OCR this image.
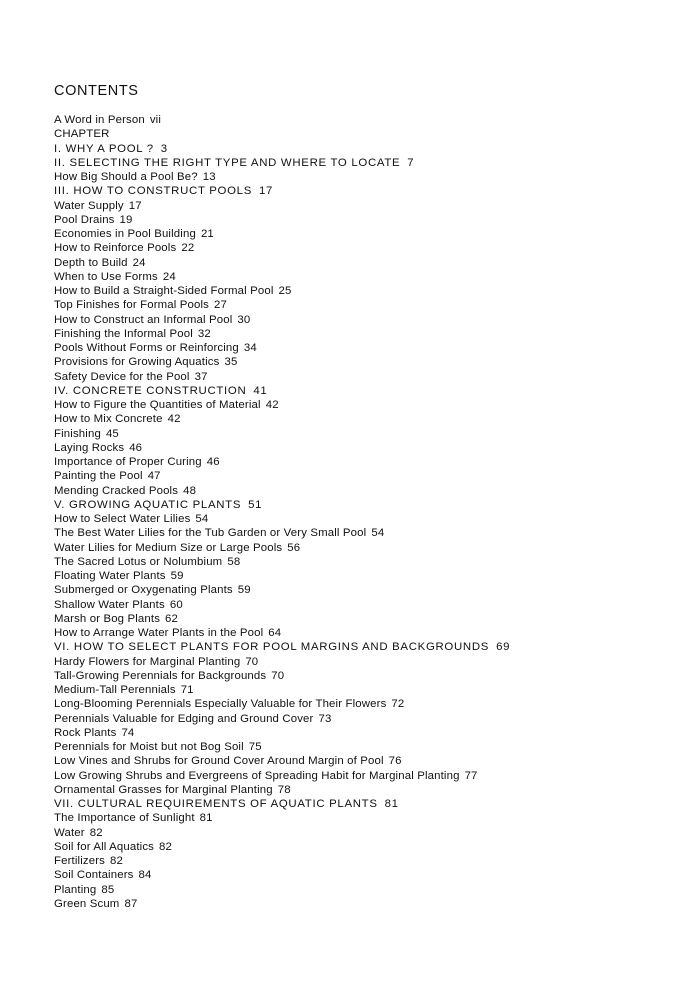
CONTENTS
A Word in Person vii
CHAPTER
I. WHY A POOL ? 3
II. SELECTING THE RIGHT TYPE AND WHERE TO LOCATE 7
How Big Should a Pool Be? 13
III. HOW TO CONSTRUCT POOLS 17
Water Supply 17
Pool Drains 19
Economies in Pool Building 21
How to Reinforce Pools 22
Depth to Build 24
When to Use Forms 24
How to Build a Straight-Sided Formal Pool 25
Top Finishes for Formal Pools 27
How to Construct an Informal Pool 30
Finishing the Informal Pool 32
Pools Without Forms or Reinforcing 34
Provisions for Growing Aquatics 35
Safety Device for the Pool 37
IV. CONCRETE CONSTRUCTION 41
How to Figure the Quantities of Material 42
How to Mix Concrete 42
Finishing 45
Laying Rocks 46
Importance of Proper Curing 46
Painting the Pool 47
Mending Cracked Pools 48
V. GROWING AQUATIC PLANTS 51
How to Select Water Lilies 54
The Best Water Lilies for the Tub Garden or Very Small Pool 54
Water Lilies for Medium Size or Large Pools 56
The Sacred Lotus or Nolumbium 58
Floating Water Plants 59
Submerged or Oxygenating Plants 59
Shallow Water Plants 60
Marsh or Bog Plants 62
How to Arrange Water Plants in the Pool 64
VI. HOW TO SELECT PLANTS FOR POOL MARGINS AND BACKGROUNDS 69
Hardy Flowers for Marginal Planting 70
Tall-Growing Perennials for Backgrounds 70
Medium-Tall Perennials 71
Long-Blooming Perennials Especially Valuable for Their Flowers 72
Perennials Valuable for Edging and Ground Cover 73
Rock Plants 74
Perennials for Moist but not Bog Soil 75
Low Vines and Shrubs for Ground Cover Around Margin of Pool 76
Low Growing Shrubs and Evergreens of Spreading Habit for Marginal Planting 77
Ornamental Grasses for Marginal Planting 78
VII. CULTURAL REQUIREMENTS OF AQUATIC PLANTS 81
The Importance of Sunlight 81
Water 82
Soil for All Aquatics 82
Fertilizers 82
Soil Containers 84
Planting 85
Green Scum 87
